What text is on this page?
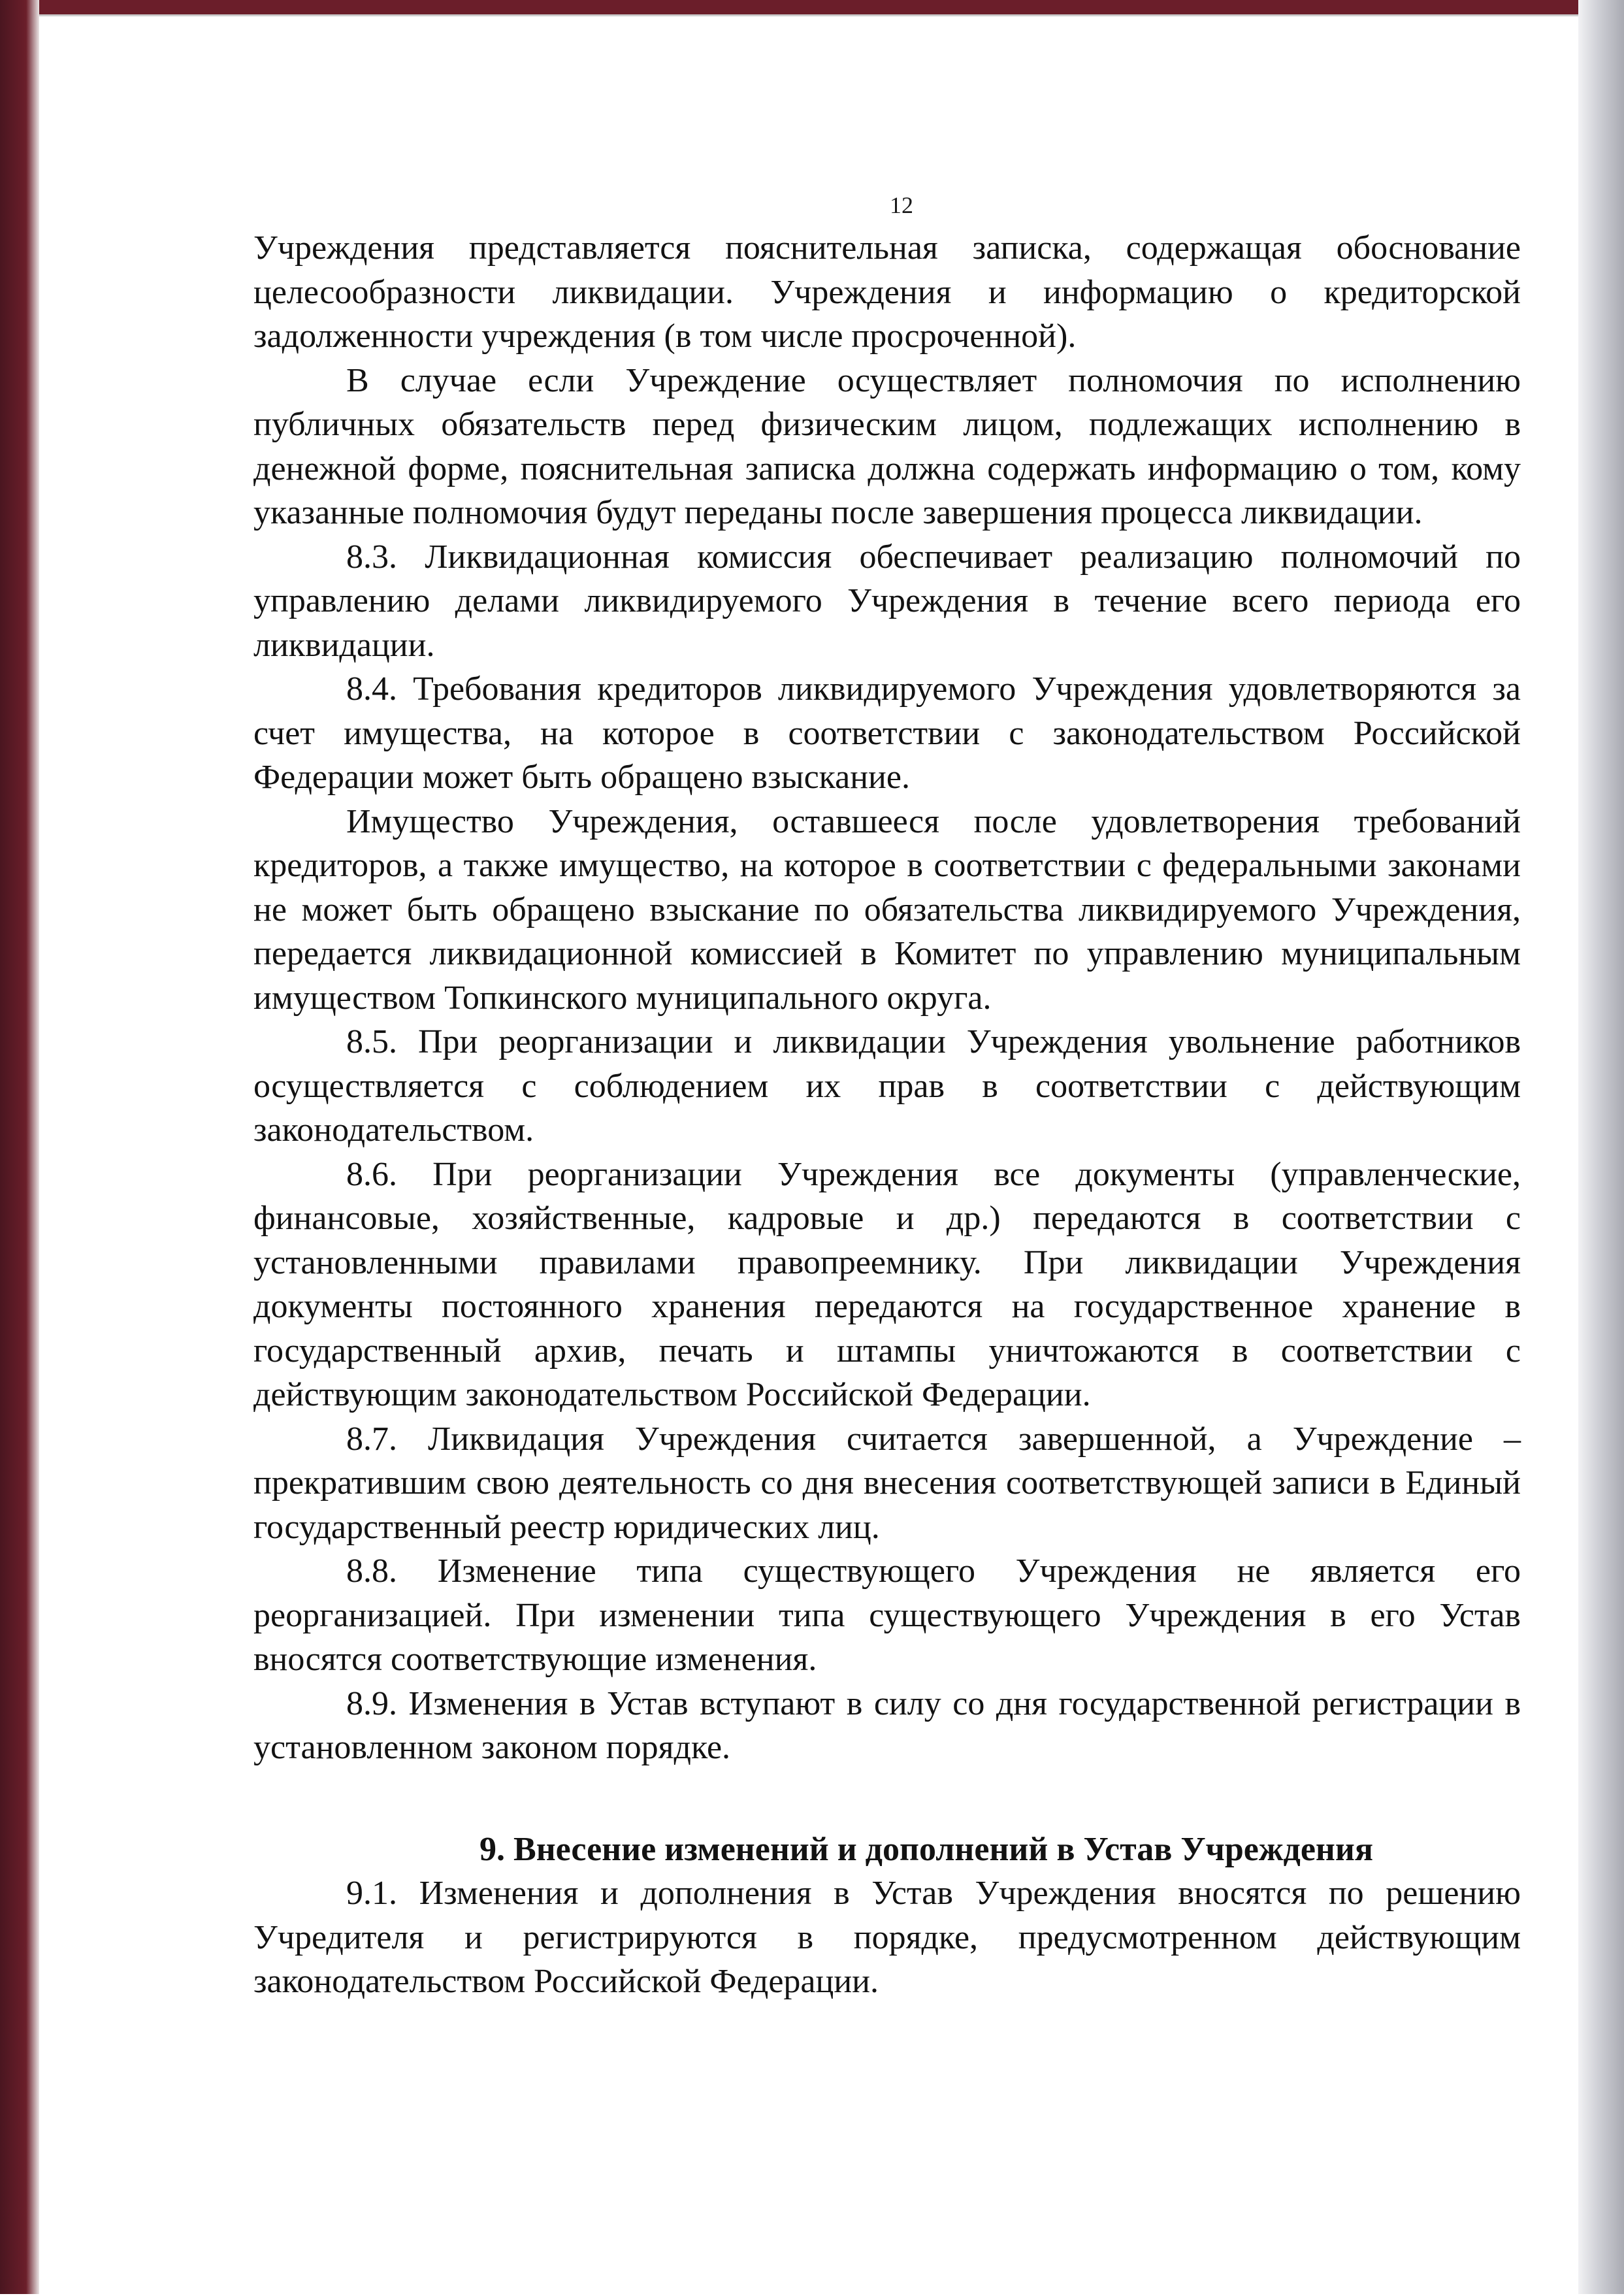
12

Учреждения представляется пояснительная записка, содержащая обоснование целесообразности ликвидации. Учреждения и информацию о кредиторской задолженности учреждения (в том числе просроченной).

В случае если Учреждение осуществляет полномочия по исполнению публичных обязательств перед физическим лицом, подлежащих исполнению в денежной форме, пояснительная записка должна содержать информацию о том, кому указанные полномочия будут переданы после завершения процесса ликвидации.

8.3. Ликвидационная комиссия обеспечивает реализацию полномочий по управлению делами ликвидируемого Учреждения в течение всего периода его ликвидации.

8.4. Требования кредиторов ликвидируемого Учреждения удовлетворяются за счет имущества, на которое в соответствии с законодательством Российской Федерации может быть обращено взыскание.

Имущество Учреждения, оставшееся после удовлетворения требований кредиторов, а также имущество, на которое в соответствии с федеральными законами не может быть обращено взыскание по обязательства ликвидируемого Учреждения, передается ликвидационной комиссией в Комитет по управлению муниципальным имуществом Топкинского муниципального округа.

8.5. При реорганизации и ликвидации Учреждения увольнение работников осуществляется с соблюдением их прав в соответствии с действующим законодательством.

8.6. При реорганизации Учреждения все документы (управленческие, финансовые, хозяйственные, кадровые и др.) передаются в соответствии с установленными правилами правопреемнику. При ликвидации Учреждения документы постоянного хранения передаются на государственное хранение в государственный архив, печать и штампы уничтожаются в соответствии с действующим законодательством Российской Федерации.

8.7. Ликвидация Учреждения считается завершенной, а Учреждение – прекратившим свою деятельность со дня внесения соответствующей записи в Единый государственный реестр юридических лиц.

8.8. Изменение типа существующего Учреждения не является его реорганизацией. При изменении типа существующего Учреждения в его Устав вносятся соответствующие изменения.

8.9. Изменения в Устав вступают в силу со дня государственной регистрации в установленном законом порядке.

9. Внесение изменений и дополнений в Устав Учреждения

9.1. Изменения и дополнения в Устав Учреждения вносятся по решению Учредителя и регистрируются в порядке, предусмотренном действующим законодательством Российской Федерации.
